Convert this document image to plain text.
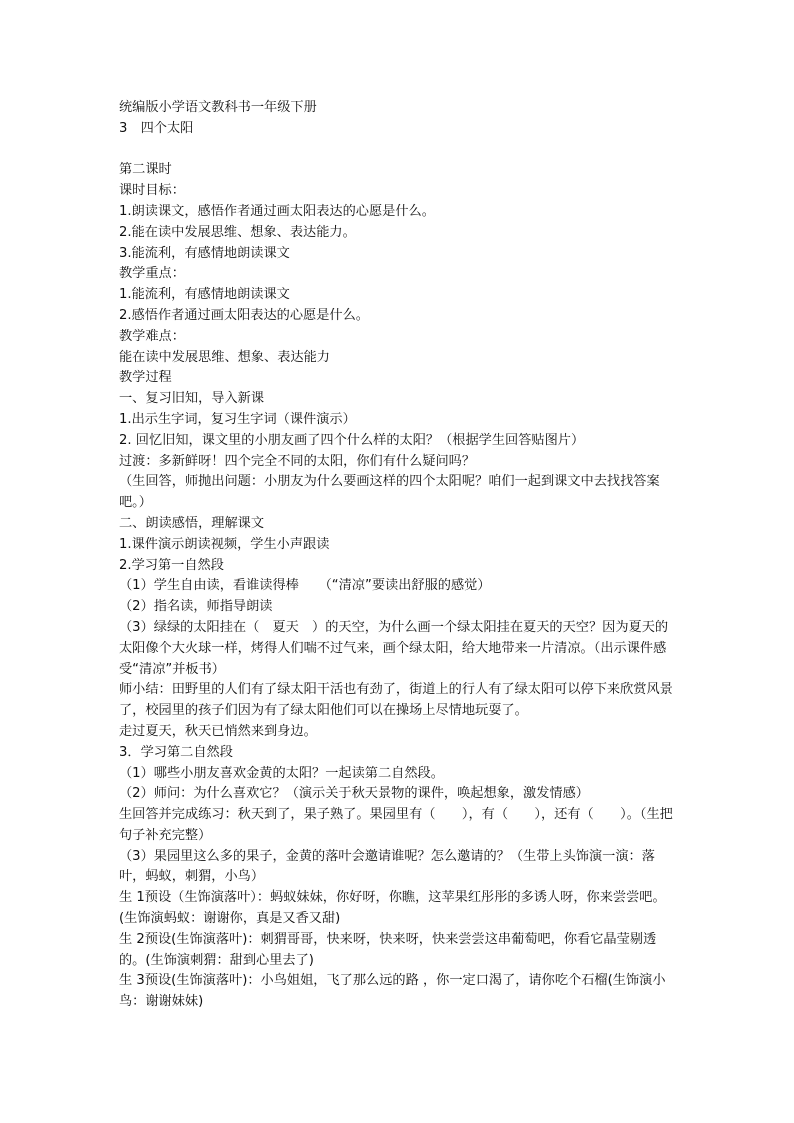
统编版小学语文教科书一年级下册
3　四个太阳
第二课时
课时目标：
1.朗读课文，感悟作者通过画太阳表达的心愿是什么。
2.能在读中发展思维、想象、表达能力。
3.能流利，有感情地朗读课文
教学重点：
1.能流利，有感情地朗读课文
2.感悟作者通过画太阳表达的心愿是什么。
教学难点：
能在读中发展思维、想象、表达能力
教学过程
一、复习旧知，导入新课
1.出示生字词，复习生字词（课件演示）
2. 回忆旧知，课文里的小朋友画了四个什么样的太阳？（根据学生回答贴图片）
过渡：多新鲜呀！四个完全不同的太阳，你们有什么疑问吗？
（生回答，师抛出问题：小朋友为什么要画这样的四个太阳呢？咱们一起到课文中去找找答案吧。）
二、朗读感悟，理解课文
1.课件演示朗读视频，学生小声跟读
2.学习第一自然段
（1）学生自由读，看谁读得棒　　（“清凉”要读出舒服的感觉）
（2）指名读，师指导朗读
（3）绿绿的太阳挂在（　夏天　）的天空，为什么画一个绿太阳挂在夏天的天空？因为夏天的太阳像个大火球一样，烤得人们喘不过气来，画个绿太阳，给大地带来一片清凉。（出示课件感受“清凉”并板书）
师小结：田野里的人们有了绿太阳干活也有劲了，街道上的行人有了绿太阳可以停下来欣赏风景了，校园里的孩子们因为有了绿太阳他们可以在操场上尽情地玩耍了。
走过夏天，秋天已悄然来到身边。
3．学习第二自然段
（1）哪些小朋友喜欢金黄的太阳？一起读第二自然段。
（2）师问：为什么喜欢它？（演示关于秋天景物的课件，唤起想象，激发情感）
生回答并完成练习：秋天到了，果子熟了。果园里有（　　），有（　　），还有（　　）。（生把句子补充完整）
（3）果园里这么多的果子，金黄的落叶会邀请谁呢？怎么邀请的？（生带上头饰演一演：落叶，蚂蚁，刺猬，小鸟）
生 1预设（生饰演落叶）：蚂蚁妹妹，你好呀，你瞧，这苹果红彤彤的多诱人呀，你来尝尝吧。(生饰演蚂蚁：谢谢你，真是又香又甜)
生 2预设(生饰演落叶)：刺猬哥哥，快来呀，快来呀，快来尝尝这串葡萄吧，你看它晶莹剔透的。(生饰演刺猬：甜到心里去了)
生 3预设(生饰演落叶)：小鸟姐姐，飞了那么远的路 ，你一定口渴了，请你吃个石榴(生饰演小鸟：谢谢妹妹)
